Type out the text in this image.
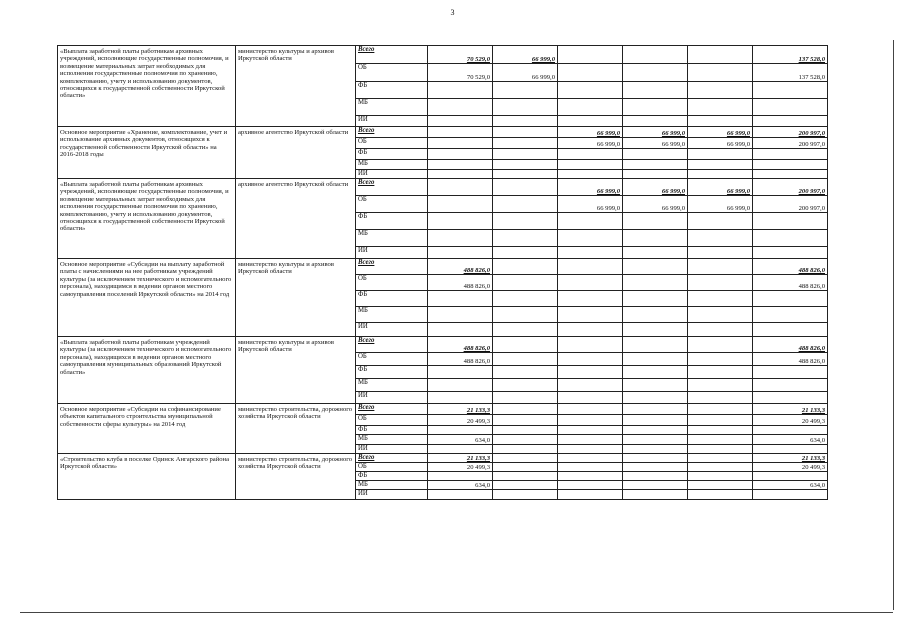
3
«Выплата заработной платы работникам архивных учреждений, исполняющие государственные полномочия, и возмещение материальных затрат необходимых для исполнения государственные полномочия по хранению, комплектованию, учету и использованию документов, относящихся к государственной собственности Иркутской области»	министерство культуры и архивов Иркутской области	Всего	70 529,0	66 999,0				137 528,0
		ОБ	70 529,0	66 999,0				137 528,0
		ФБ						
		МБ						
		ИИ						
Основное мероприятие «Хранение, комплектование, учет и использование архивных документов, относящихся к государственной собственности Иркутской области» на 2016-2018 годы	архивное агентство Иркутской области	Всего			66 999,0	66 999,0	66 999,0	200 997,0
		ОБ			66 999,0	66 999,0	66 999,0	200 997,0
		ФБ						
		МБ						
		ИИ						
«Выплата заработной платы работникам архивных учреждений, исполняющие государственные полномочия, и возмещение материальных затрат необходимых для исполнения государственные полномочия по хранению, комплектованию, учету и использованию документов, относящихся к государственной собственности Иркутской области»	архивное агентство Иркутской области	Всего			66 999,0	66 999,0	66 999,0	200 997,0
		ОБ			66 999,0	66 999,0	66 999,0	200 997,0
		ФБ						
		МБ						
		ИИ						
Основное мероприятие «Субсидии на выплату заработной платы с начислениями на нее работникам учреждений культуры (за исключением технического и вспомогательного персонала), находящимся в ведении органов местного самоуправления поселений Иркутской области» на 2014 год	министерство культуры и архивов Иркутской области	Всего	488 826,0					488 826,0
		ОБ	488 826,0					488 826,0
		ФБ						
		МБ						
		ИИ						
«Выплата заработной платы работникам учреждений культуры (за исключением технического и вспомогательного персонала), находящихся в ведении органов местного самоуправления муниципальных образований Иркутской области»	министерство культуры и архивов Иркутской области	Всего	488 826,0					488 826,0
		ОБ	488 826,0					488 826,0
		ФБ						
		МБ						
		ИИ						
Основное мероприятие «Субсидии на софинансирование объектов капитального строительства муниципальной собственности сферы культуры» на 2014 год	министерство строительства, дорожного хозяйства Иркутской области	Всего	21 133,3					21 133,3
		ОБ	20 499,3					20 499,3
		ФБ						
		МБ	634,0					634,0
		ИИ						
«Строительство клуба в поселке Одинск Ангарского района Иркутской области»	министерство строительства, дорожного хозяйства Иркутской области	Всего	21 133,3					21 133,3
		ОБ	20 499,3					20 499,3
		ФБ						
		МБ	634,0					634,0
		ИИ						
